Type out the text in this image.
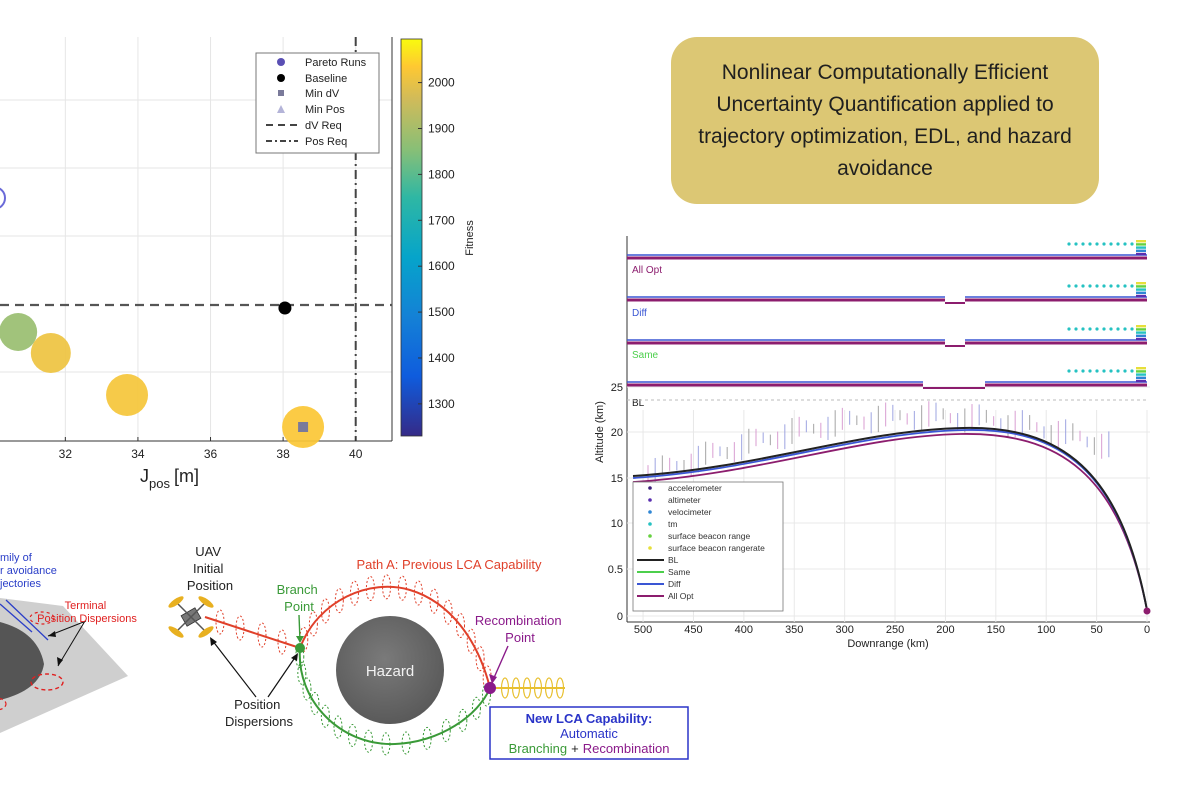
Nonlinear Computationally Efficient Uncertainty Quantification applied to trajectory optimization, EDL, and hazard avoidance
32	34	36	38	40
$J_{pos}$ [m]
Pareto Runs
Baseline
Min dV
Min Pos
dV Req
Pos Req
1300
1400
1500
1600
1700
1800
1900
2000
Fitness
All Opt
Diff
Same
BL
0
0.5
10
15
20
25
500	450	400	350	300	250	200	150	100	50	0
Altitude (km)
Downrange (km)
accelerometer
altimeter
velocimeter
tm
surface beacon range
surface beacon rangerate
BL
Same
Diff
All Opt
mily of r avoidance jectories
Terminal Position Dispersions
Hazard
UAV Initial Position	Branch Point
Path A: Previous LCA Capability
Recombination Point
Position Dispersions	New LCA Capability:
Automatic
Branching + Recombination
